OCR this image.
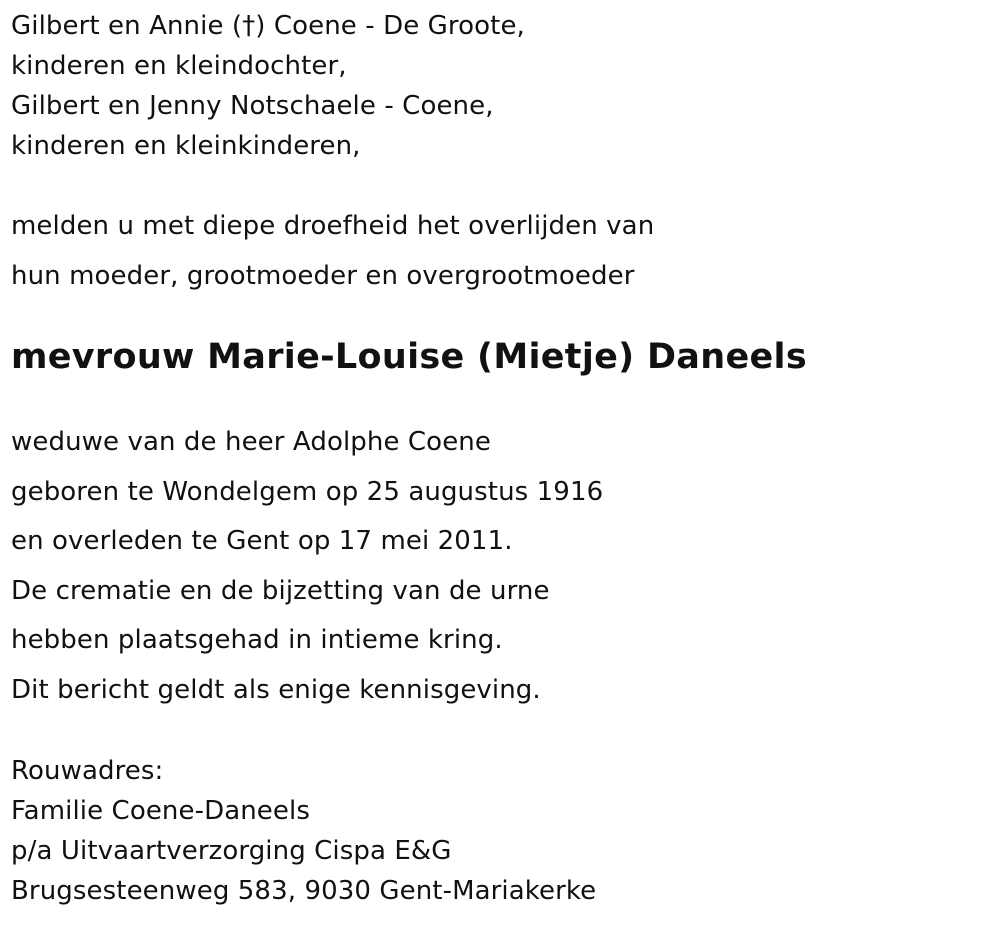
Gilbert en Annie (†) Coene - De Groote,
kinderen en kleindochter,
Gilbert en Jenny Notschaele - Coene,
kinderen en kleinkinderen,
melden u met diepe droefheid het overlijden van
hun moeder, grootmoeder en overgrootmoeder
mevrouw Marie-Louise (Mietje) Daneels
weduwe van de heer Adolphe Coene
geboren te Wondelgem op 25 augustus 1916
en overleden te Gent op 17 mei 2011.
De crematie en de bijzetting van de urne
hebben plaatsgehad in intieme kring.
Dit bericht geldt als enige kennisgeving.
Rouwadres:
Familie Coene-Daneels
p/a Uitvaartverzorging Cispa E&G
Brugsesteenweg 583, 9030 Gent-Mariakerke
